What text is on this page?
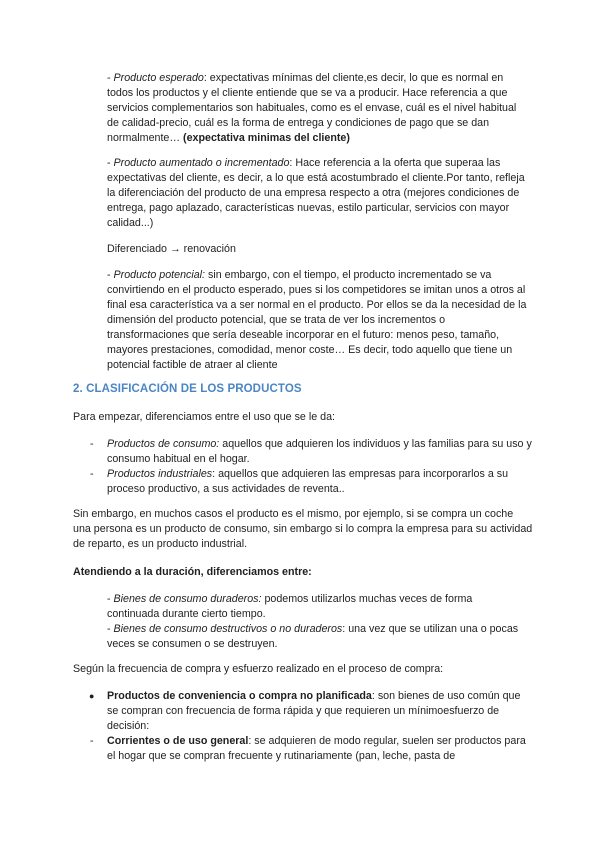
- Producto esperado: expectativas mínimas del cliente,es decir, lo que es normal en todos los productos y el cliente entiende que se va a producir. Hace referencia a que servicios complementarios son habituales, como es el envase, cuál es el nivel habitual de calidad-precio, cuál es la forma de entrega y condiciones de pago que se dan normalmente… (expectativa minimas del cliente)

- Producto aumentado o incrementado: Hace referencia a la oferta que superaa las expectativas del cliente, es decir, a lo que está acostumbrado el cliente.Por tanto, refleja la diferenciación del producto de una empresa respecto a otra (mejores condiciones de entrega, pago aplazado, características nuevas, estilo particular, servicios con mayor calidad...)

Diferenciado → renovación

- Producto potencial: sin embargo, con el tiempo, el producto incrementado se va convirtiendo en el producto esperado, pues si los competidores se imitan unos a otros al final esa característica va a ser normal en el producto. Por ellos se da la necesidad de la dimensión del producto potencial, que se trata de ver los incrementos o transformaciones que sería deseable incorporar en el futuro: menos peso, tamaño, mayores prestaciones, comodidad, menor coste… Es decir, todo aquello que tiene un potencial factible de atraer al cliente

2. CLASIFICACIÓN DE LOS PRODUCTOS

Para empezar, diferenciamos entre el uso que se le da:

- Productos de consumo: aquellos que adquieren los individuos y las familias para su uso y consumo habitual en el hogar.

- Productos industriales: aquellos que adquieren las empresas para incorporarlos a su proceso productivo, a sus actividades de reventa..

Sin embargo, en muchos casos el producto es el mismo, por ejemplo, si se compra un coche una persona es un producto de consumo, sin embargo si lo compra la empresa para su actividad de reparto, es un producto industrial.

Atendiendo a la duración, diferenciamos entre:

- Bienes de consumo duraderos: podemos utilizarlos muchas veces de forma continuada durante cierto tiempo.

- Bienes de consumo destructivos o no duraderos: una vez que se utilizan una o pocas veces se consumen o se destruyen.

Según la frecuencia de compra y esfuerzo realizado en el proceso de compra:

● Productos de conveniencia o compra no planificada: son bienes de uso común que se compran con frecuencia de forma rápida y que requieren un mínimoesfuerzo de decisión:

- Corrientes o de uso general: se adquieren de modo regular, suelen ser productos para el hogar que se compran frecuente y rutinariamente (pan, leche, pasta de
